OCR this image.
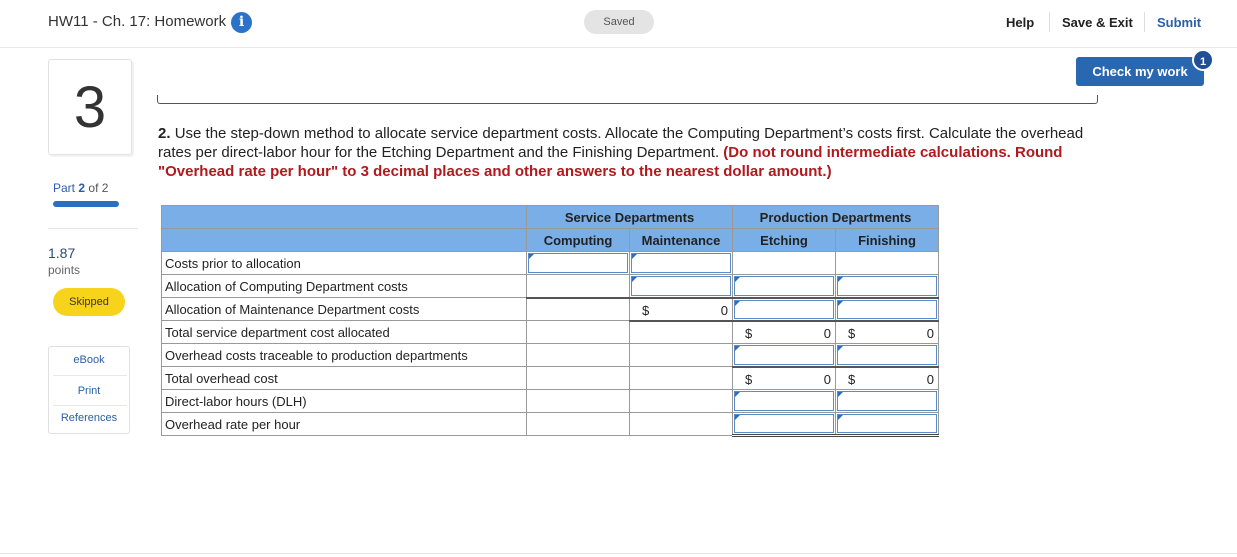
HW11 - Ch. 17: Homework i	Saved	Help Save & Exit Submit
3
Part 2 of 2
1.87
points
Skipped
eBook
Print
References
Check my work
1
2. Use the step-down method to allocate service department costs. Allocate the Computing Department’s costs first. Calculate the overhead rates per direct-labor hour for the Etching Department and the Finishing Department. (Do not round intermediate calculations. Round "Overhead rate per hour" to 3 decimal places and other answers to the nearest dollar amount.)
	Service Departments		Production Departments	
	Computing	Maintenance	Etching	Finishing
Costs prior to allocation	

Allocation of Computing Department costs		

Allocation of Maintenance Department costs		$ 0		

Total service department cost allocated			$ 0	$ 0

Overhead costs traceable to production departments			

Total overhead cost			$ 0	$ 0

Direct-labor hours (DLH)			

Overhead rate per hour			
